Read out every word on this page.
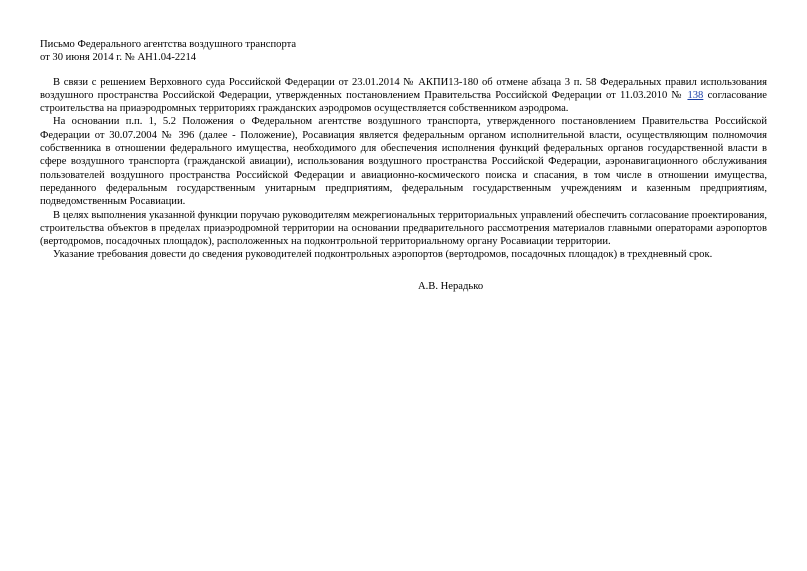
Письмо Федерального агентства воздушного транспорта
от 30 июня 2014 г. № АН1.04-2214

В связи с решением Верховного суда Российской Федерации от 23.01.2014 № АКПИ13-180 об отмене абзаца 3 п. 58 Федеральных правил использования воздушного пространства Российской Федерации, утвержденных постановлением Правительства Российской Федерации от 11.03.2010 № 138 согласование строительства на приаэродромных территориях гражданских аэродромов осуществляется собственником аэродрома.

На основании п.п. 1, 5.2 Положения о Федеральном агентстве воздушного транспорта, утвержденного постановлением Правительства Российской Федерации от 30.07.2004 № 396 (далее - Положение), Росавиация является федеральным органом исполнительной власти, осуществляющим полномочия собственника в отношении федерального имущества, необходимого для обеспечения исполнения функций федеральных органов государственной власти в сфере воздушного транспорта (гражданской авиации), использования воздушного пространства Российской Федерации, аэронавигационного обслуживания пользователей воздушного пространства Российской Федерации и авиационно-космического поиска и спасания, в том числе в отношении имущества, переданного федеральным государственным унитарным предприятиям, федеральным государственным учреждениям и казенным предприятиям, подведомственным Росавиации.

В целях выполнения указанной функции поручаю руководителям межрегиональных территориальных управлений обеспечить согласование проектирования, строительства объектов в пределах приаэродромной территории на основании предварительного рассмотрения материалов главными операторами аэропортов (вертодромов, посадочных площадок), расположенных на подконтрольной территориальному органу Росавиации территории.

Указание требования довести до сведения руководителей подконтрольных аэропортов (вертодромов, посадочных площадок) в трехдневный срок.

А.В. Нерадько
